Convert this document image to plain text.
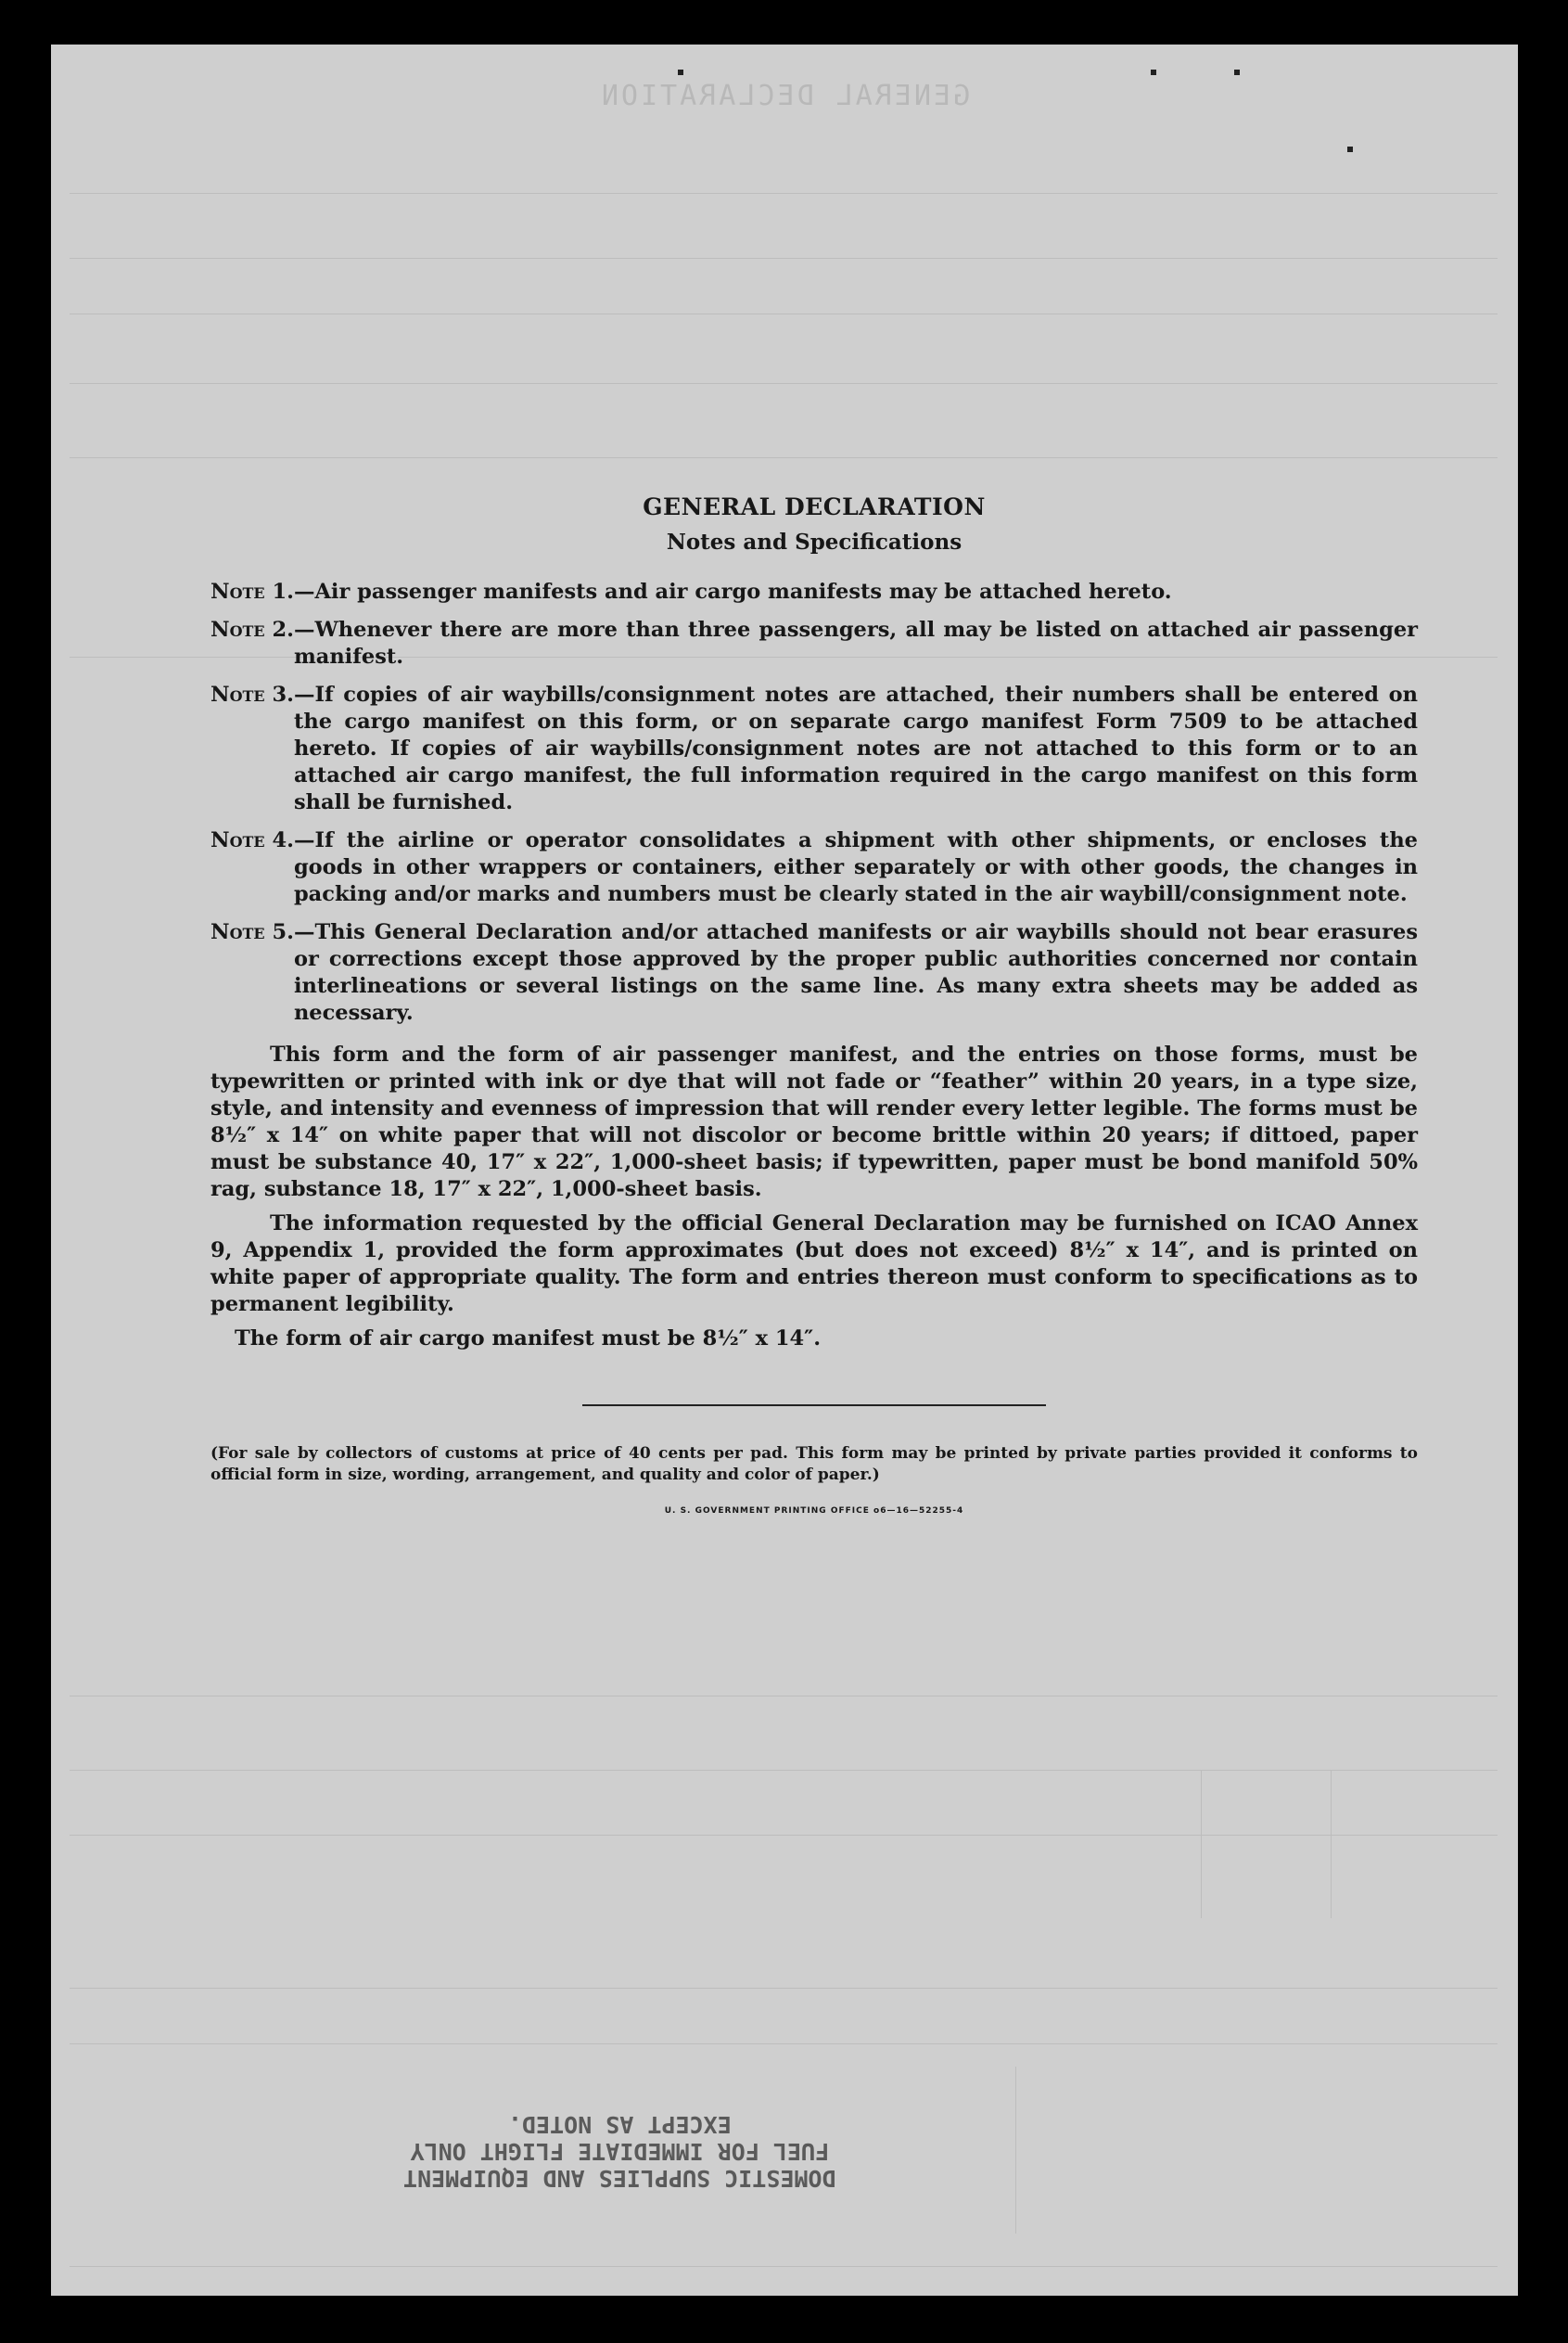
GENERAL DECLARATION
GENERAL DECLARATION
Notes and Specifications
Note 1.—Air passenger manifests and air cargo manifests may be attached hereto.
Note 2. —Whenever there are more than three passengers, all may be listed on attached air passenger manifest.
Note 3. —If copies of air waybills/consignment notes are attached, their numbers shall be entered on the cargo manifest on this form, or on separate cargo manifest Form 7509 to be attached hereto. If copies of air waybills/consignment notes are not attached to this form or to an attached air cargo manifest, the full information required in the cargo manifest on this form shall be furnished.
Note 4. —If the airline or operator consolidates a shipment with other shipments, or encloses the goods in other wrappers or containers, either separately or with other goods, the changes in packing and/or marks and numbers must be clearly stated in the air waybill/consignment note.
Note 5. —This General Declaration and/or attached manifests or air waybills should not bear erasures or corrections except those approved by the proper public authorities concerned nor contain interlineations or several listings on the same line. As many extra sheets may be added as necessary.

This form and the form of air passenger manifest, and the entries on those forms, must be typewritten or printed with ink or dye that will not fade or “feather” within 20 years, in a type size, style, and intensity and evenness of impression that will render every letter legible. The forms must be 8½″ x 14″ on white paper that will not discolor or become brittle within 20 years; if dittoed, paper must be substance 40, 17″ x 22″, 1,000-sheet basis; if typewritten, paper must be bond manifold 50% rag, substance 18, 17″ x 22″, 1,000-sheet basis.

The information requested by the official General Declaration may be furnished on ICAO Annex 9, Appendix 1, provided the form approximates (but does not exceed) 8½″ x 14″, and is printed on white paper of appropriate quality. The form and entries thereon must conform to specifications as to permanent legibility.

The form of air cargo manifest must be 8½″ x 14″.

(For sale by collectors of customs at price of 40 cents per pad. This form may be printed by private parties provided it conforms to official form in size, wording, arrangement, and quality and color of paper.)

U. S. GOVERNMENT PRINTING OFFICE o6—16—52255-4
DOMESTIC SUPPLIES AND EQUIPMENT
FUEL FOR IMMEDIATE FLIGHT ONLY
EXCEPT AS NOTED.
